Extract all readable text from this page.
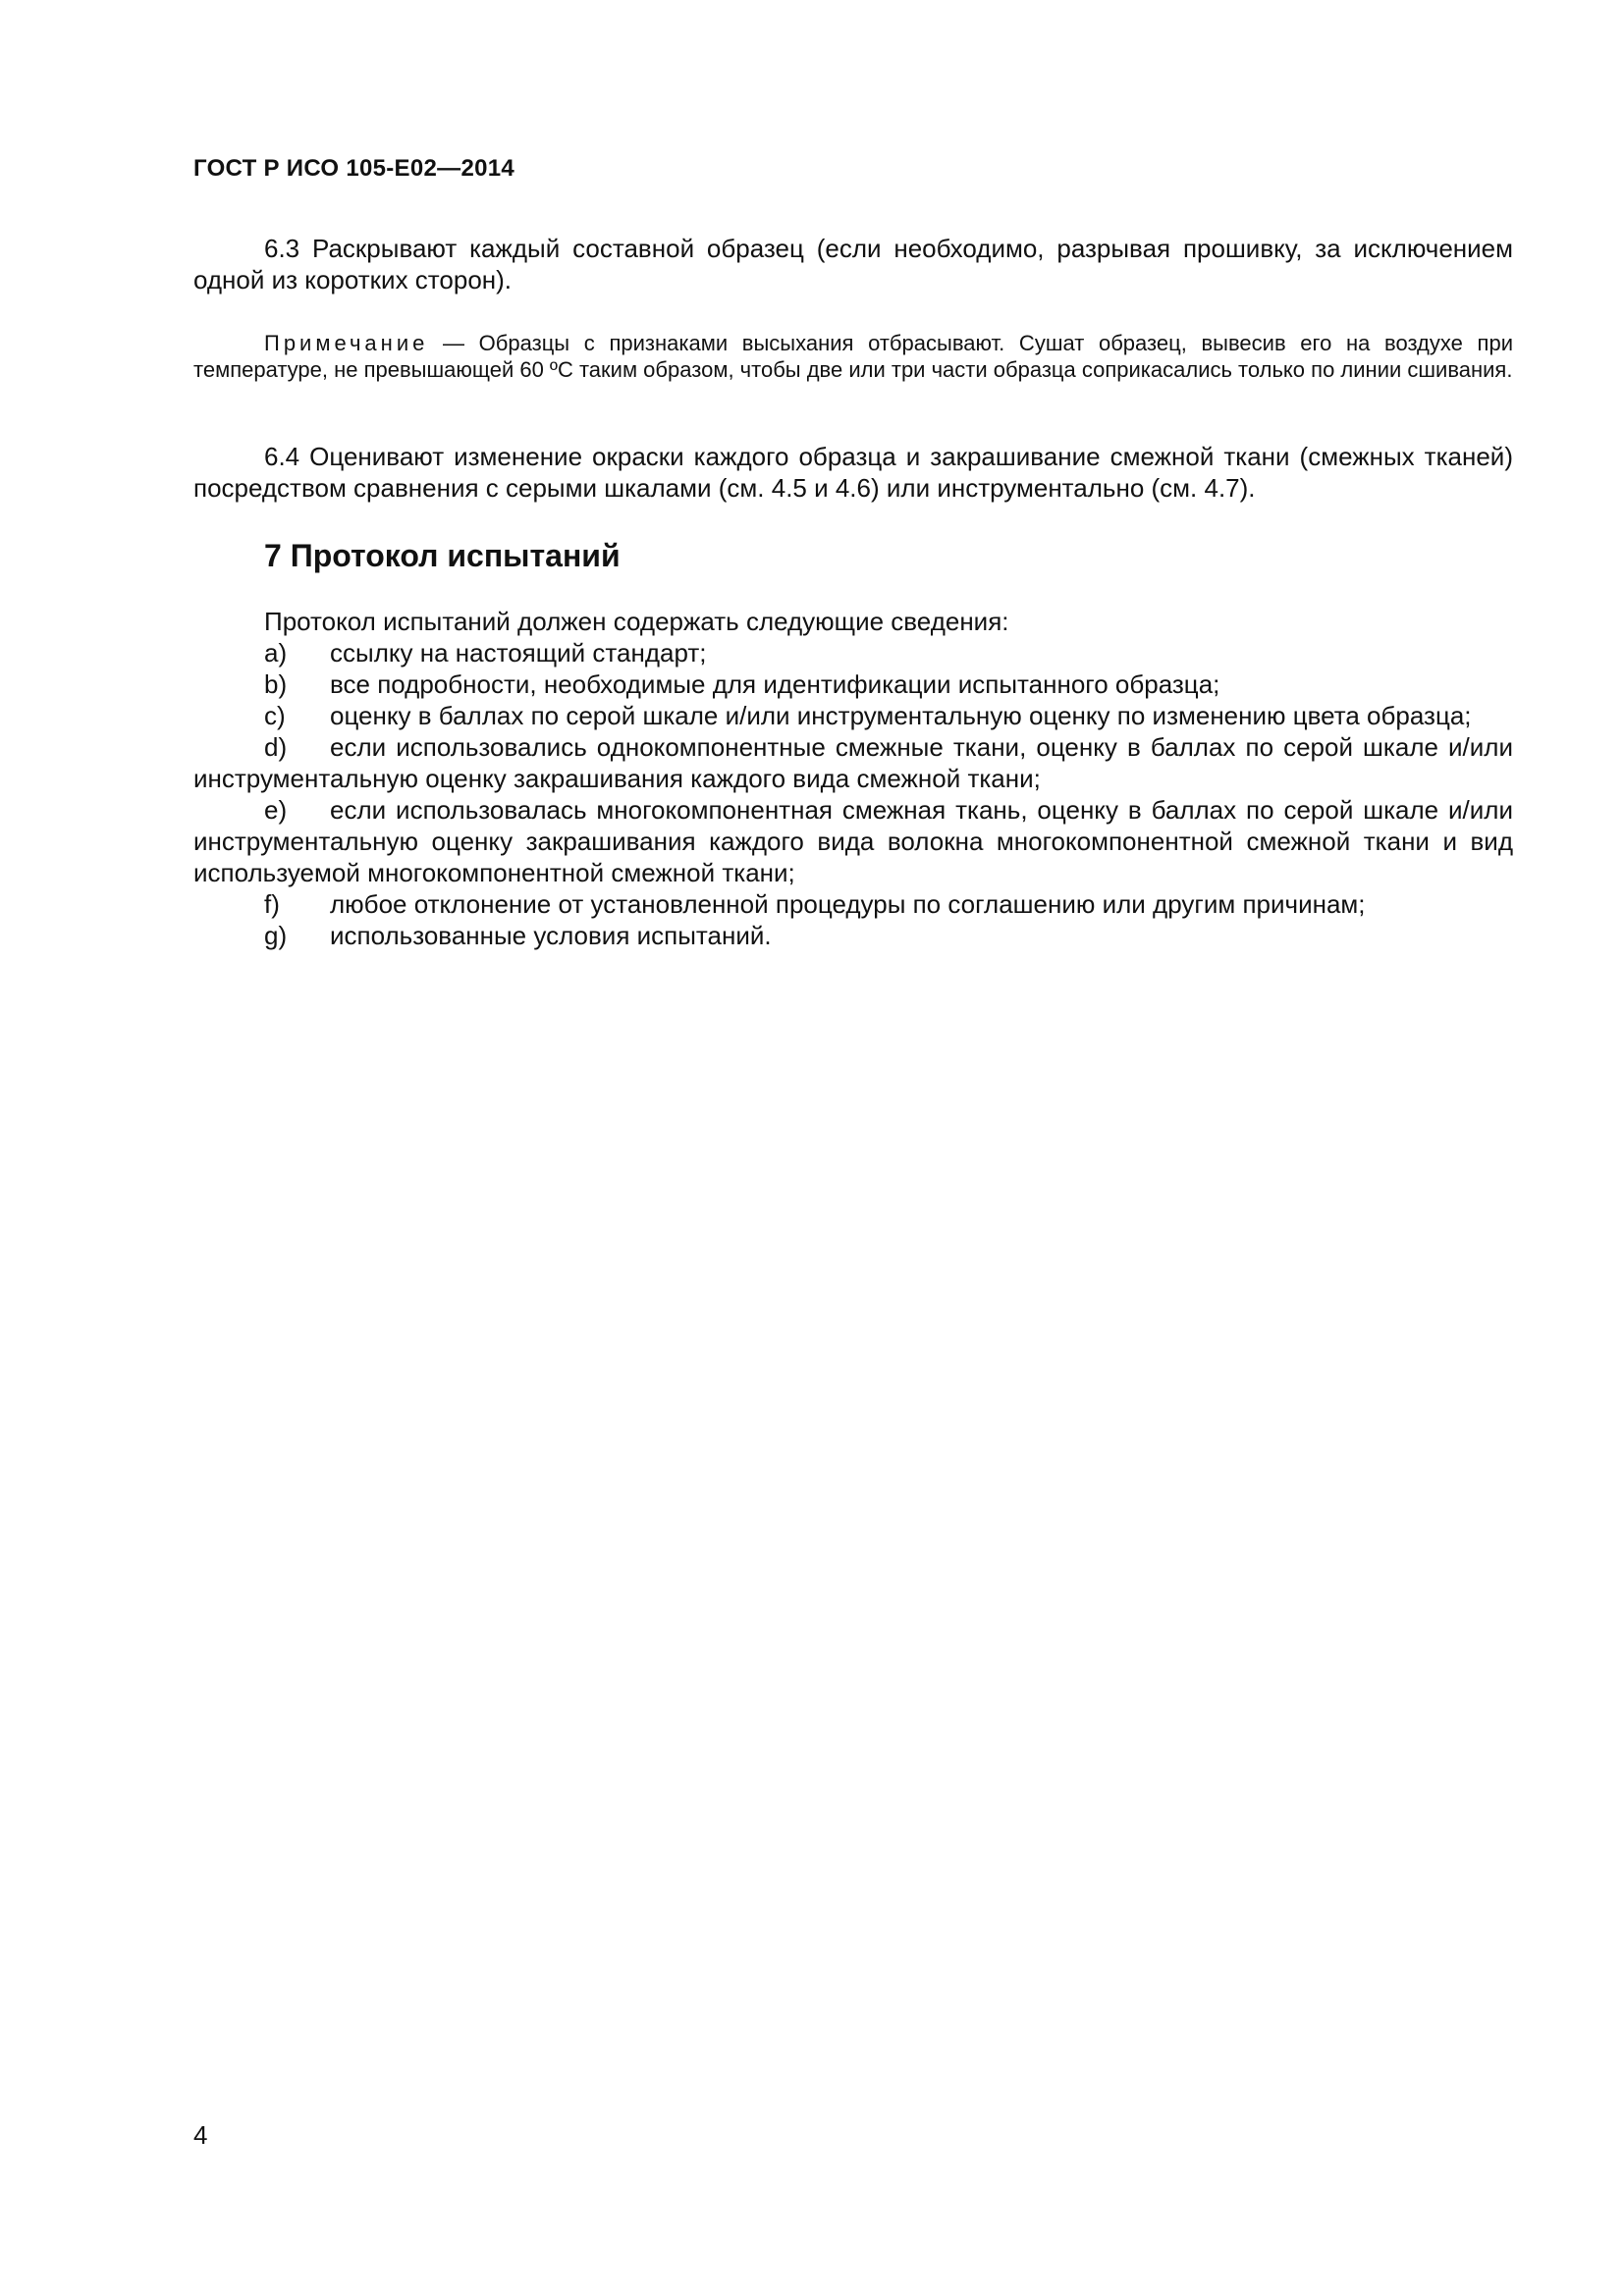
ГОСТ Р ИСО 105-E02—2014
6.3 Раскрывают каждый составной образец (если необходимо, разрывая прошивку, за исключением одной из коротких сторон).
Примечание — Образцы с признаками высыхания отбрасывают. Сушат образец, вывесив его на воздухе при температуре, не превышающей 60 ºС таким образом, чтобы две или три части образца соприкасались только по линии сшивания.
6.4 Оценивают изменение окраски каждого образца и закрашивание смежной ткани (смежных тканей) посредством сравнения с серыми шкалами (см. 4.5 и 4.6) или инструментально (см. 4.7).
7 Протокол испытаний
Протокол испытаний должен содержать следующие сведения:
a) ссылку на настоящий стандарт;
b) все подробности, необходимые для идентификации испытанного образца;
c) оценку в баллах по серой шкале и/или инструментальную оценку по изменению цвета образца;
d) если использовались однокомпонентные смежные ткани, оценку в баллах по серой шкале и/или инструментальную оценку закрашивания каждого вида смежной ткани;
e) если использовалась многокомпонентная смежная ткань, оценку в баллах по серой шкале и/или инструментальную оценку закрашивания каждого вида волокна многокомпонентной смежной ткани и вид используемой многокомпонентной смежной ткани;
f) любое отклонение от установленной процедуры по соглашению или другим причинам;
g) использованные условия испытаний.
4
